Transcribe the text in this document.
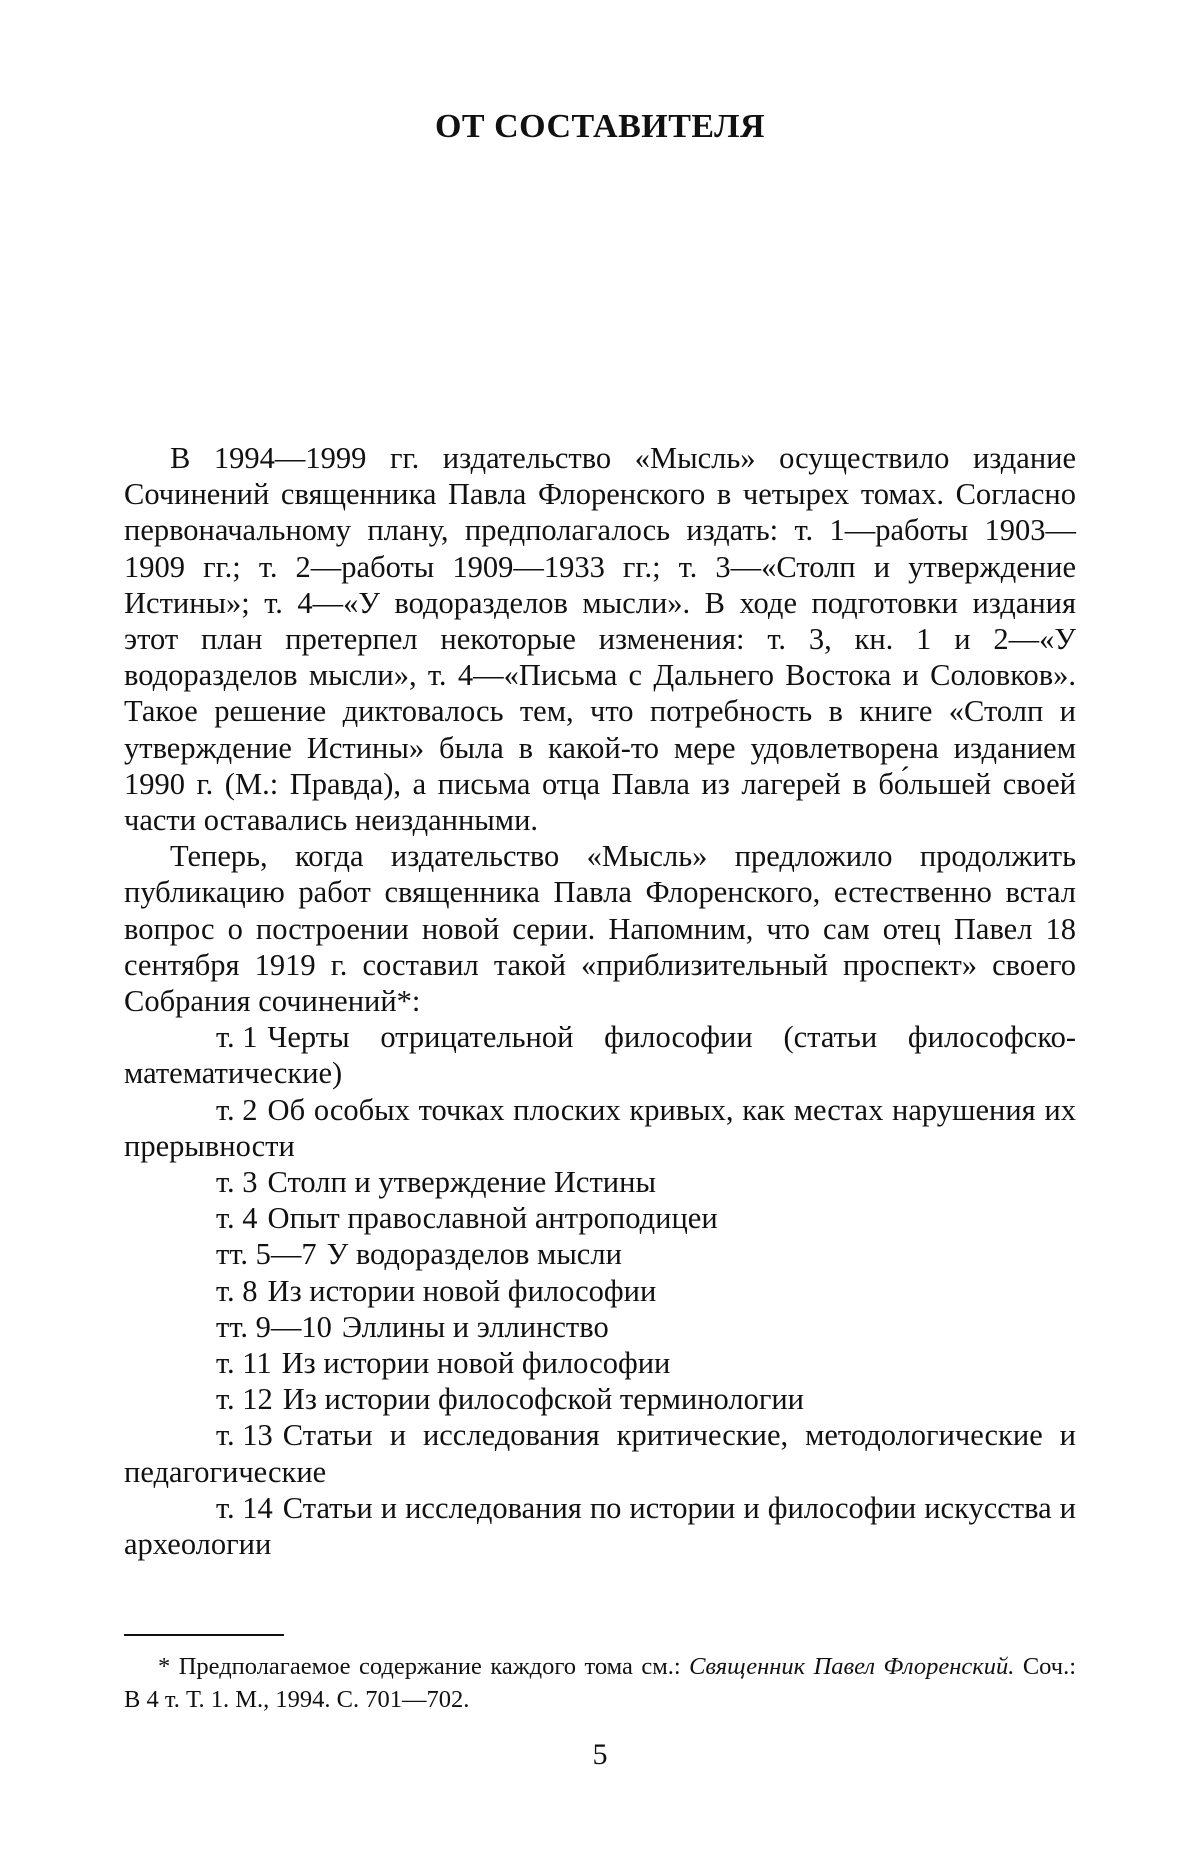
ОТ СОСТАВИТЕЛЯ

В 1994—1999 гг. издательство «Мысль» осуществило издание Сочинений священника Павла Флоренского в четырех томах. Согласно первоначальному плану, предполагалось издать: т. 1—работы 1903—1909 гг.; т. 2—работы 1909—1933 гг.; т. 3—«Столп и утверждение Истины»; т. 4—«У водоразделов мысли». В ходе подготовки издания этот план претерпел некоторые изменения: т. 3, кн. 1 и 2—«У водоразделов мысли», т. 4—«Письма с Дальнего Востока и Соловков». Такое решение диктовалось тем, что потребность в книге «Столп и утверждение Истины» была в какой-то мере удовлетворена изданием 1990 г. (М.: Правда), а письма отца Павла из лагерей в бо́льшей своей части оставались неизданными.

Теперь, когда издательство «Мысль» предложило продолжить публикацию работ священника Павла Флоренского, естественно встал вопрос о построении новой серии. Напомним, что сам отец Павел 18 сентября 1919 г. составил такой «приблизительный проспект» своего Собрания сочинений*:

т. 1 Черты отрицательной философии (статьи философско-математические)
т. 2 Об особых точках плоских кривых, как местах нарушения их прерывности
т. 3 Столп и утверждение Истины
т. 4 Опыт православной антроподицеи
тт. 5—7 У водоразделов мысли
т. 8 Из истории новой философии
тт. 9—10 Эллины и эллинство
т. 11 Из истории новой философии
т. 12 Из истории философской терминологии
т. 13 Статьи и исследования критические, методологические и педагогические
т. 14 Статьи и исследования по истории и философии искусства и археологии

* Предполагаемое содержание каждого тома см.: Священник Павел Флоренский. Соч.: В 4 т. Т. 1. М., 1994. С. 701—702.

5
